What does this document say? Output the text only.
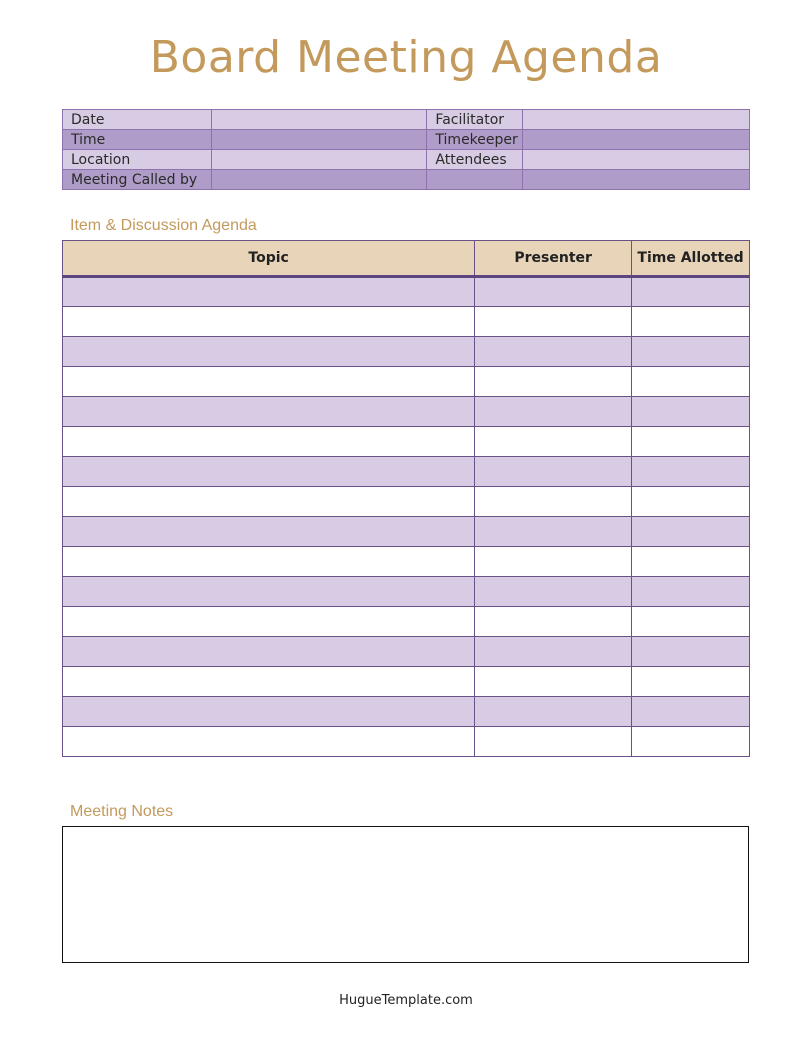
Board Meeting Agenda
Date		Facilitator	
Time		Timekeeper	
Location		Attendees	
Meeting Called by			
Item & Discussion Agenda
Topic	Presenter	Time Allotted

Meeting Notes
HugueTemplate.com
